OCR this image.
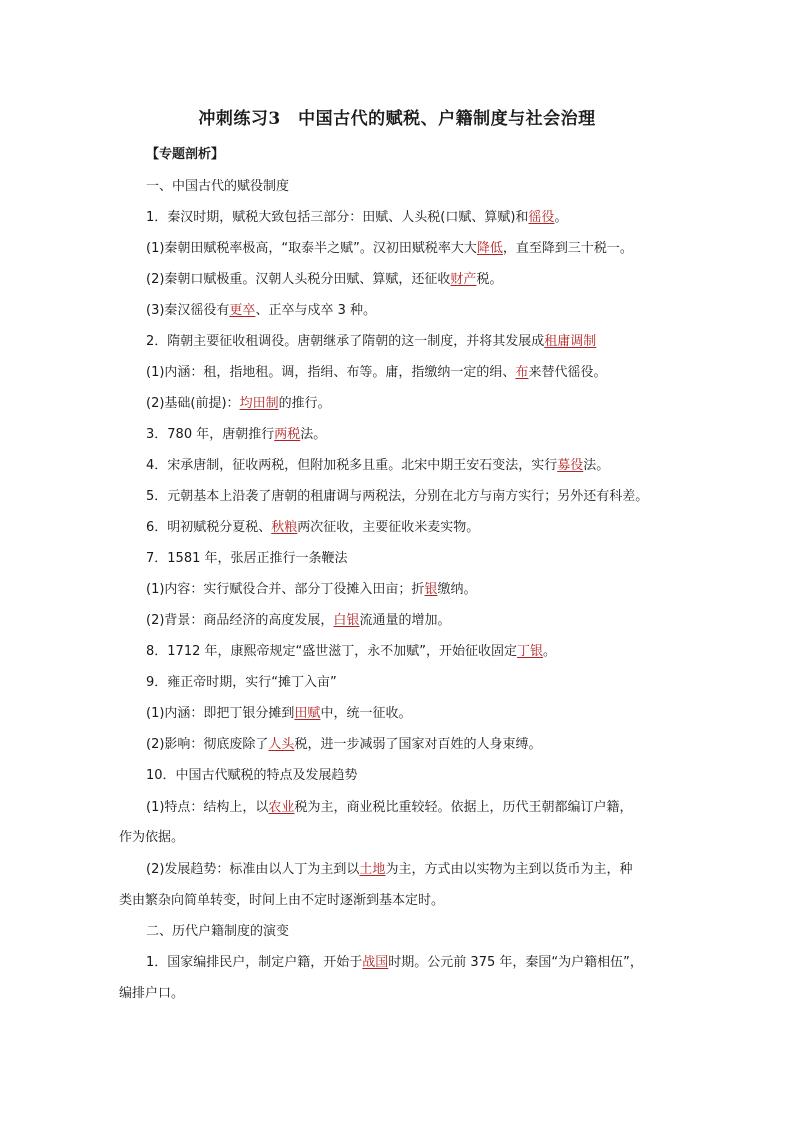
冲刺练习3　中国古代的赋税、户籍制度与社会治理
【专题剖析】
一、中国古代的赋役制度
1．秦汉时期，赋税大致包括三部分：田赋、人头税(口赋、算赋)和徭役。
(1)秦朝田赋税率极高，“取泰半之赋”。汉初田赋税率大大降低，直至降到三十税一。
(2)秦朝口赋极重。汉朝人头税分田赋、算赋，还征收财产税。
(3)秦汉徭役有更卒、正卒与戍卒 3 种。
2．隋朝主要征收租调役。唐朝继承了隋朝的这一制度，并将其发展成租庸调制
(1)内涵：租，指地租。调，指绢、布等。庸，指缴纳一定的绢、布来替代徭役。
(2)基础(前提)：均田制的推行。
3．780 年，唐朝推行两税法。
4．宋承唐制，征收两税，但附加税多且重。北宋中期王安石变法，实行募役法。
5．元朝基本上沿袭了唐朝的租庸调与两税法，分别在北方与南方实行；另外还有科差。
6．明初赋税分夏税、秋粮两次征收，主要征收米麦实物。
7．1581 年，张居正推行一条鞭法
(1)内容：实行赋役合并、部分丁役摊入田亩；折银缴纳。
(2)背景：商品经济的高度发展，白银流通量的增加。
8．1712 年，康熙帝规定“盛世滋丁，永不加赋”，开始征收固定丁银。
9．雍正帝时期，实行“摊丁入亩”
(1)内涵：即把丁银分摊到田赋中，统一征收。
(2)影响：彻底废除了人头税，进一步减弱了国家对百姓的人身束缚。
10．中国古代赋税的特点及发展趋势
(1)特点：结构上，以农业税为主，商业税比重较轻。依据上，历代王朝都编订户籍，
作为依据。
(2)发展趋势：标准由以人丁为主到以土地为主，方式由以实物为主到以货币为主，种
类由繁杂向简单转变，时间上由不定时逐渐到基本定时。
二、历代户籍制度的演变
1．国家编排民户，制定户籍，开始于战国时期。公元前 375 年，秦国“为户籍相伍”，
编排户口。
